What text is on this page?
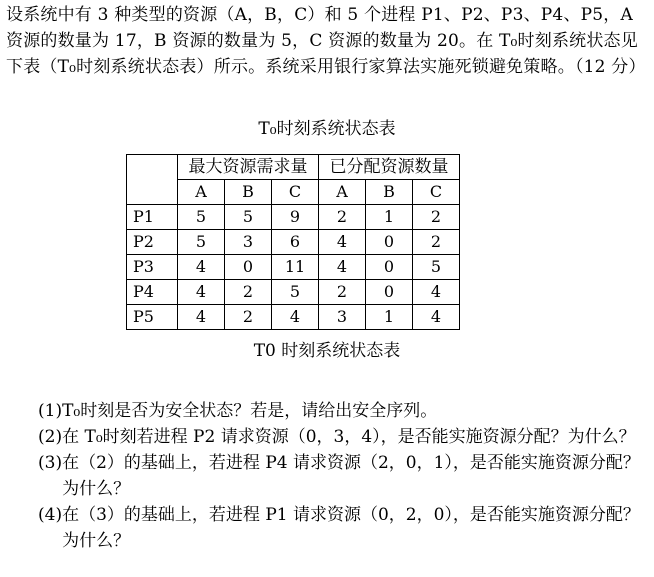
设系统中有 3 种类型的资源（A，B，C）和 5 个进程 P1、P2、P3、P4、P5，A 资源的数量为 17，B 资源的数量为 5，C 资源的数量为 20。在 T₀时刻系统状态见下表（T₀时刻系统状态表）所示。系统采用银行家算法实施死锁避免策略。（12 分）

T₀时刻系统状态表
	最大资源需求量			已分配资源数量		
	A	B	C	A	B	C
P1	5	5	9	2	1	2
P2	5	3	6	4	0	2
P3	4	0	11	4	0	5
P4	4	2	5	2	0	4
P5	4	2	4	3	1	4
T0 时刻系统状态表
(1) T₀时刻是否为安全状态？若是，请给出安全序列。
(2) 在 T₀时刻若进程 P2 请求资源（0，3，4），是否能实施资源分配？为什么？
(3) 在（2）的基础上，若进程 P4 请求资源（2，0，1），是否能实施资源分配？为什么？
(4) 在（3）的基础上，若进程 P1 请求资源（0，2，0），是否能实施资源分配？为什么？
